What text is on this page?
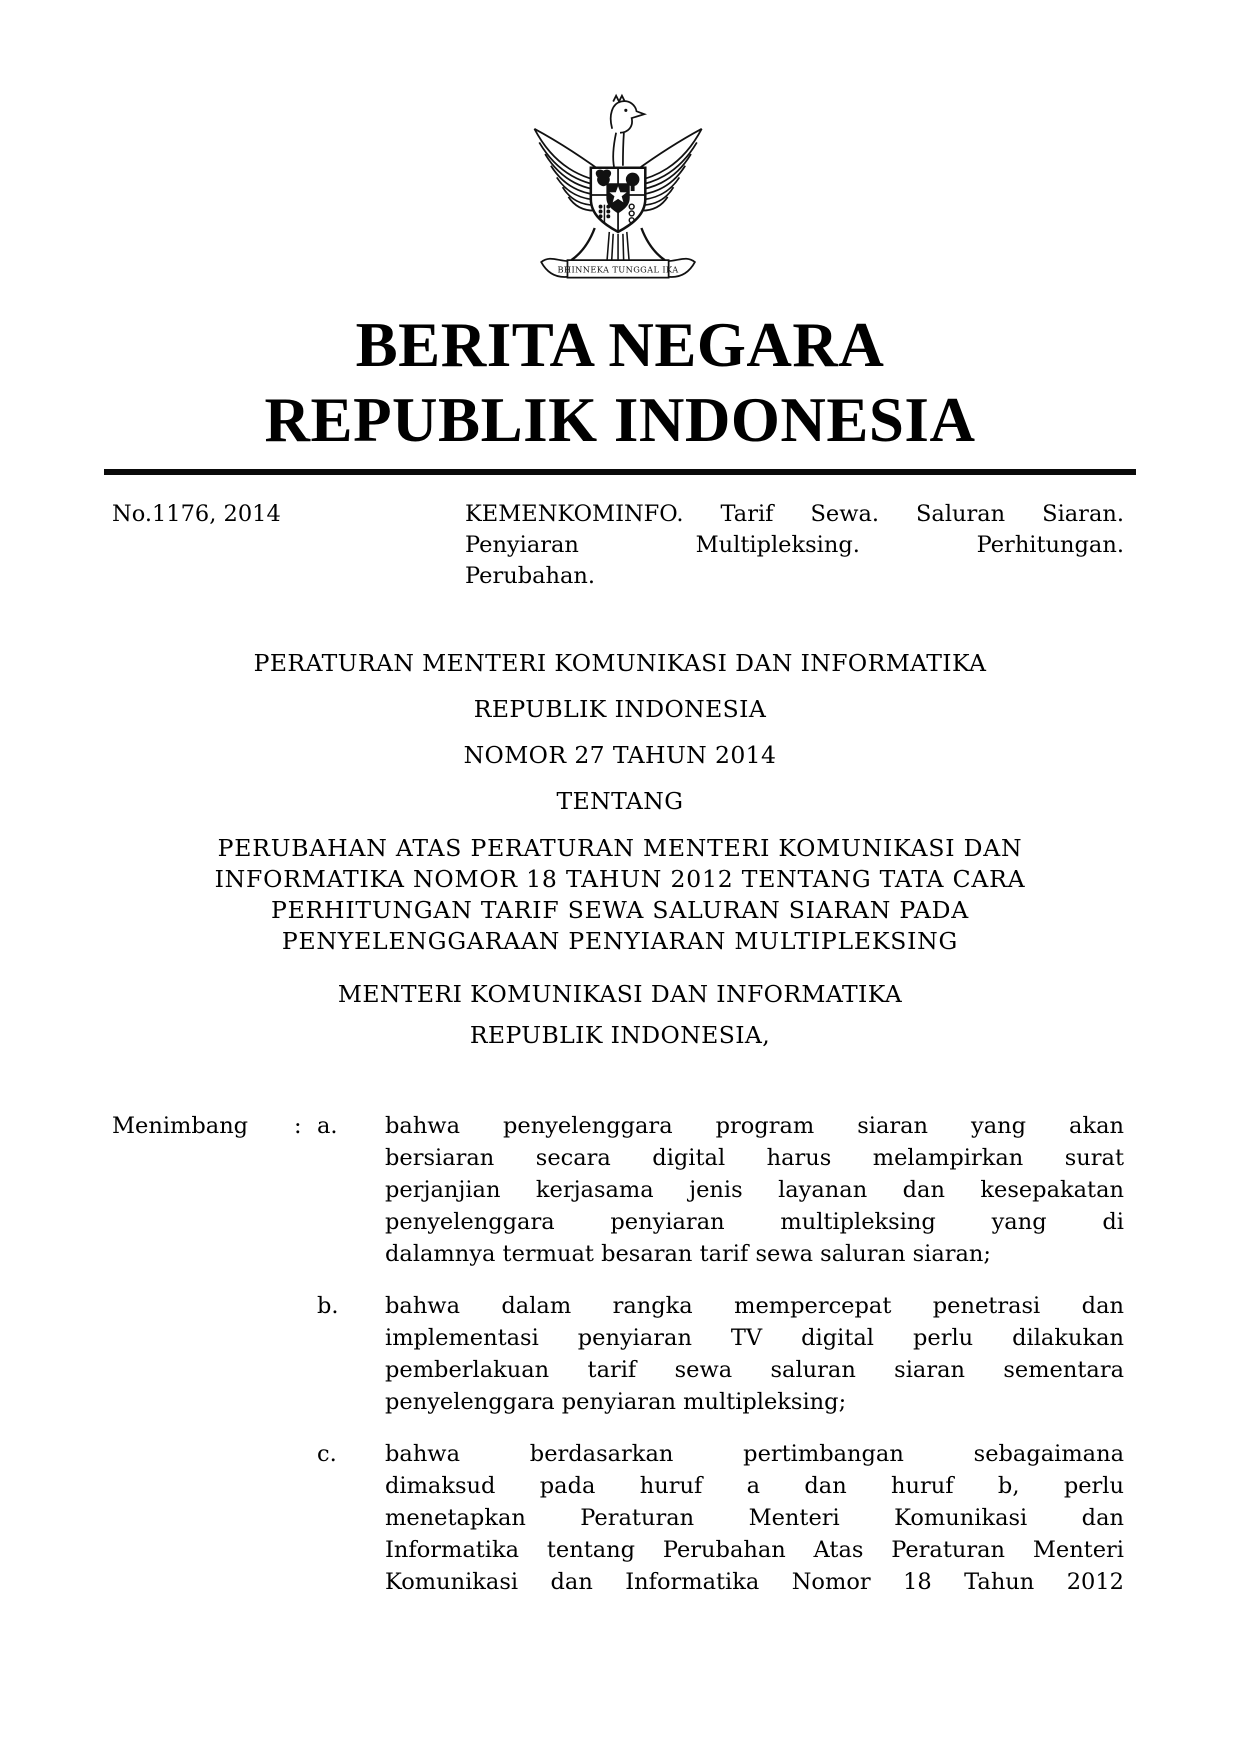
BHINNEKA TUNGGAL IKA
BERITA NEGARA
REPUBLIK INDONESIA
No.1176, 2014	KEMENKOMINFO. Tarif Sewa. Saluran Siaran.
Penyiaran Multipleksing. Perhitungan.
Perubahan.
PERATURAN MENTERI KOMUNIKASI DAN INFORMATIKA
REPUBLIK INDONESIA
NOMOR 27 TAHUN 2014
TENTANG
PERUBAHAN ATAS PERATURAN MENTERI KOMUNIKASI DAN
INFORMATIKA NOMOR 18 TAHUN 2012 TENTANG TATA CARA
PERHITUNGAN TARIF SEWA SALURAN SIARAN PADA
PENYELENGGARAAN PENYIARAN MULTIPLEKSING
MENTERI KOMUNIKASI DAN INFORMATIKA
REPUBLIK INDONESIA,
Menimbang : a.	bahwa penyelenggara program siaran yang akan
bersiaran secara digital harus melampirkan surat
perjanjian kerjasama jenis layanan dan kesepakatan
penyelenggara penyiaran multipleksing yang di
dalamnya termuat besaran tarif sewa saluran siaran;
b.	bahwa dalam rangka mempercepat penetrasi dan
implementasi penyiaran TV digital perlu dilakukan
pemberlakuan tarif sewa saluran siaran sementara
penyelenggara penyiaran multipleksing;
c.	bahwa berdasarkan pertimbangan sebagaimana
dimaksud pada huruf a dan huruf b, perlu
menetapkan Peraturan Menteri Komunikasi dan
Informatika tentang Perubahan Atas Peraturan Menteri
Komunikasi dan Informatika Nomor 18 Tahun 2012
